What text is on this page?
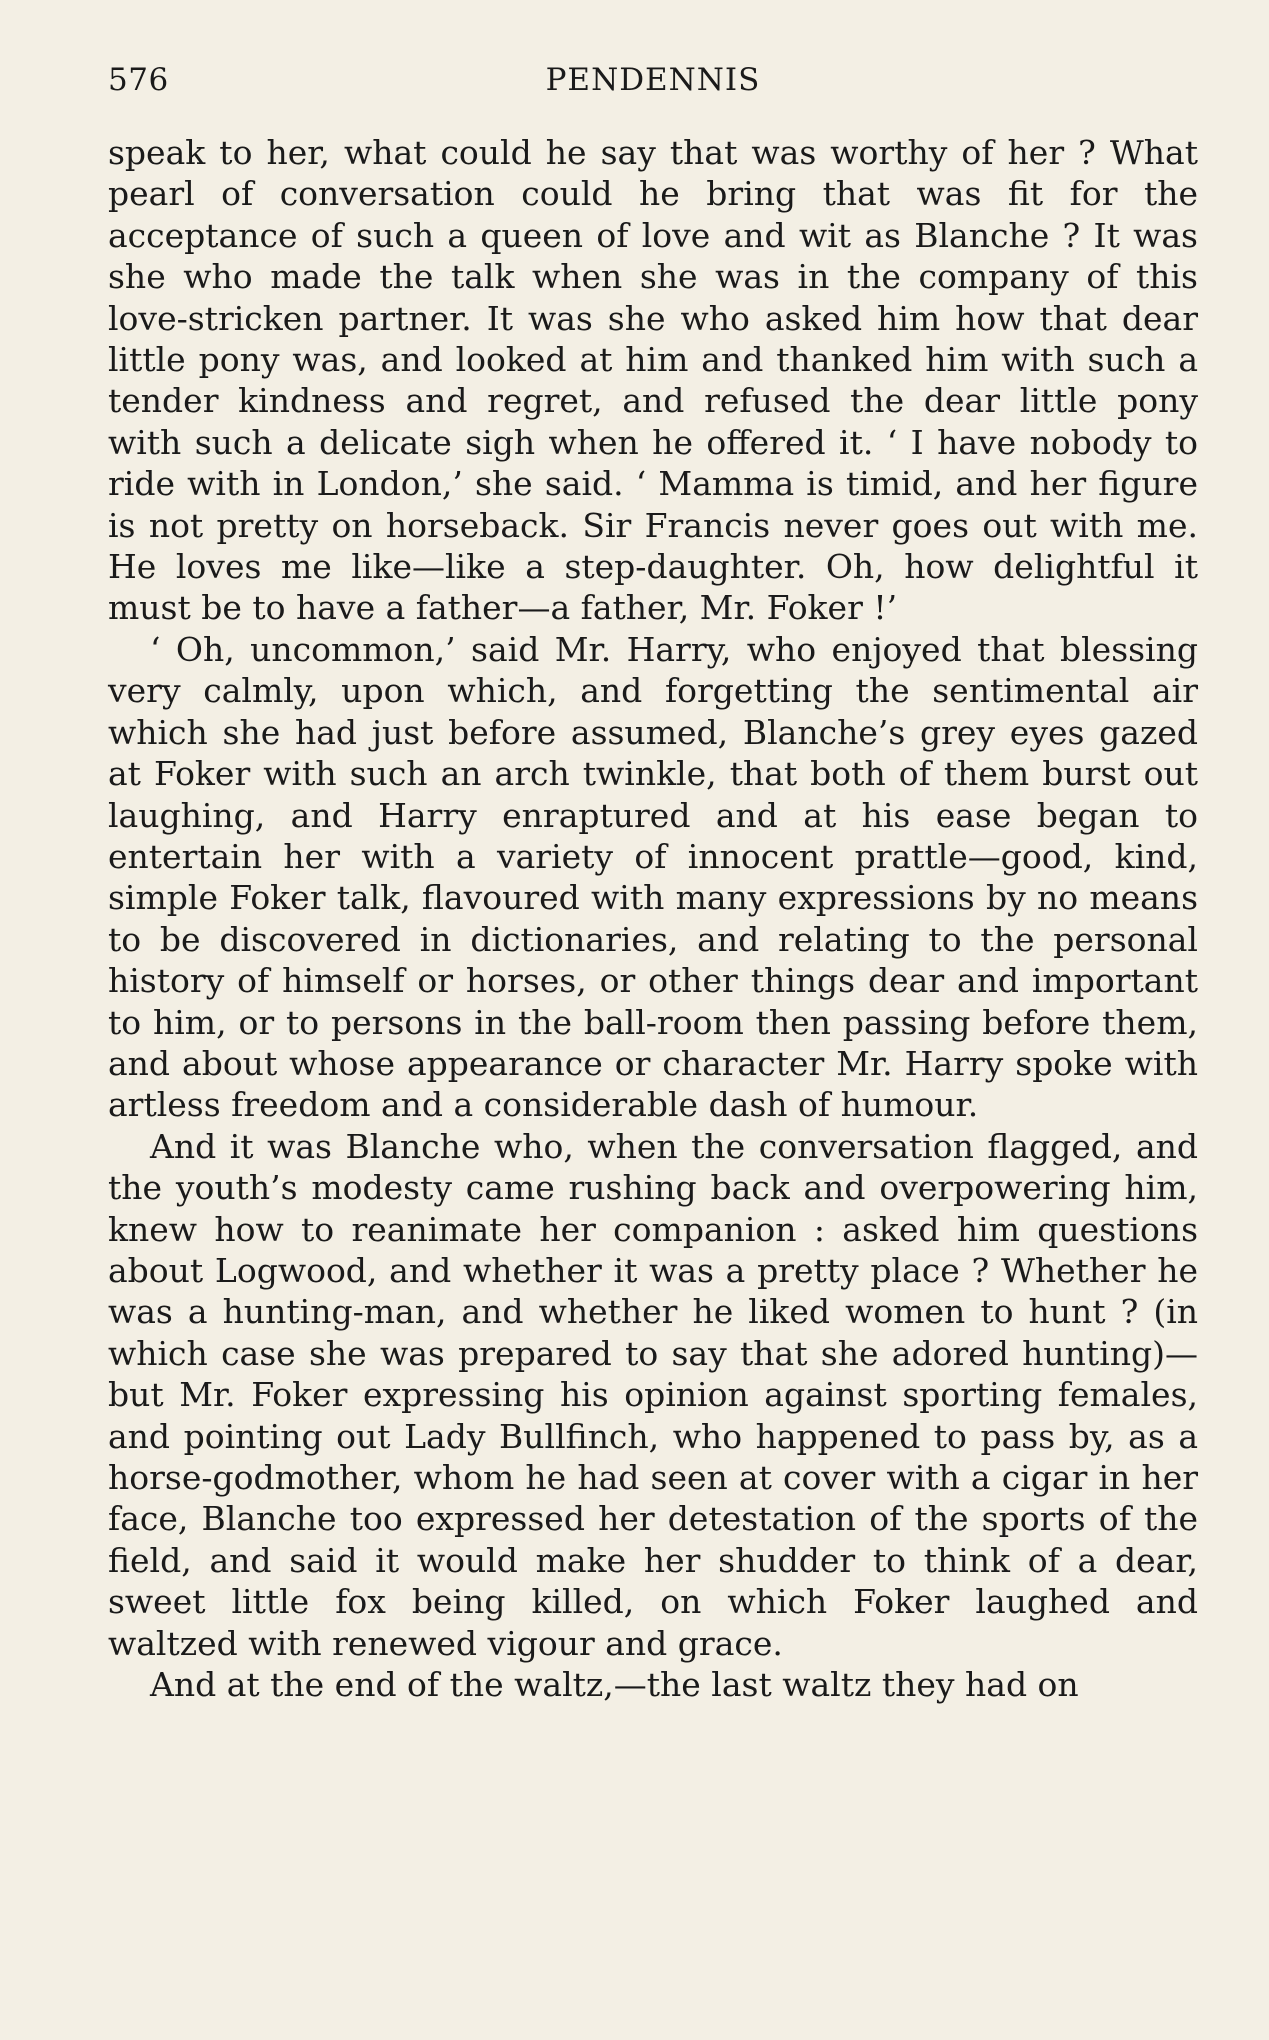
576	PENDENNIS

speak to her, what could he say that was worthy of her ? What pearl of conversation could he bring that was fit for the acceptance of such a queen of love and wit as Blanche ? It was she who made the talk when she was in the company of this love-stricken partner. It was she who asked him how that dear little pony was, and looked at him and thanked him with such a tender kindness and regret, and refused the dear little pony with such a delicate sigh when he offered it. ‘ I have nobody to ride with in London,’ she said. ‘ Mamma is timid, and her figure is not pretty on horseback. Sir Francis never goes out with me. He loves me like—like a step-daughter. Oh, how delightful it must be to have a father—a father, Mr. Foker !’

‘ Oh, uncommon,’ said Mr. Harry, who enjoyed that blessing very calmly, upon which, and forgetting the sentimental air which she had just before assumed, Blanche’s grey eyes gazed at Foker with such an arch twinkle, that both of them burst out laughing, and Harry enraptured and at his ease began to entertain her with a variety of innocent prattle—good, kind, simple Foker talk, flavoured with many expressions by no means to be discovered in dictionaries, and relating to the personal history of himself or horses, or other things dear and important to him, or to persons in the ball-room then passing before them, and about whose appearance or character Mr. Harry spoke with artless freedom and a considerable dash of humour.

And it was Blanche who, when the conversation flagged, and the youth’s modesty came rushing back and overpowering him, knew how to reanimate her companion : asked him questions about Logwood, and whether it was a pretty place ? Whether he was a hunting-man, and whether he liked women to hunt ? (in which case she was prepared to say that she adored hunting)—but Mr. Foker expressing his opinion against sporting females, and pointing out Lady Bullfinch, who happened to pass by, as a horse-godmother, whom he had seen at cover with a cigar in her face, Blanche too expressed her detestation of the sports of the field, and said it would make her shudder to think of a dear, sweet little fox being killed, on which Foker laughed and waltzed with renewed vigour and grace.

And at the end of the waltz,—the last waltz they had on
